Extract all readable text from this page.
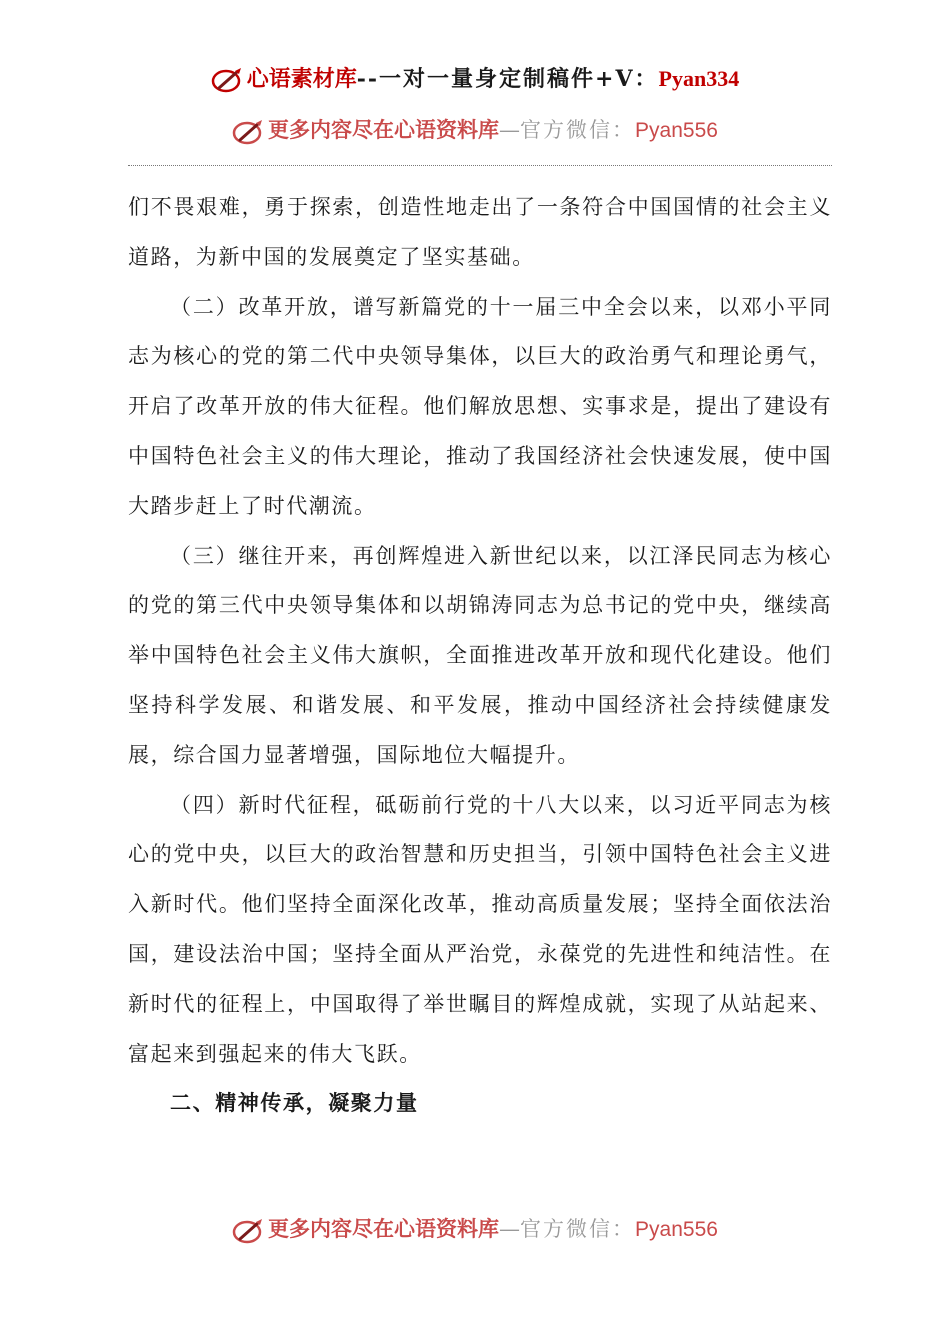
心语素材库--一对一量身定制稿件+V：Pyan334
更多内容尽在心语资料库—官方微信：Pyan556

们不畏艰难，勇于探索，创造性地走出了一条符合中国国情的社会主义道路，为新中国的发展奠定了坚实基础。

（二）改革开放，谱写新篇党的十一届三中全会以来，以邓小平同志为核心的党的第二代中央领导集体，以巨大的政治勇气和理论勇气，开启了改革开放的伟大征程。他们解放思想、实事求是，提出了建设有中国特色社会主义的伟大理论，推动了我国经济社会快速发展，使中国大踏步赶上了时代潮流。

（三）继往开来，再创辉煌进入新世纪以来，以江泽民同志为核心的党的第三代中央领导集体和以胡锦涛同志为总书记的党中央，继续高举中国特色社会主义伟大旗帜，全面推进改革开放和现代化建设。他们坚持科学发展、和谐发展、和平发展，推动中国经济社会持续健康发展，综合国力显著增强，国际地位大幅提升。

（四）新时代征程，砥砺前行党的十八大以来，以习近平同志为核心的党中央，以巨大的政治智慧和历史担当，引领中国特色社会主义进入新时代。他们坚持全面深化改革，推动高质量发展；坚持全面依法治国，建设法治中国；坚持全面从严治党，永葆党的先进性和纯洁性。在新时代的征程上，中国取得了举世瞩目的辉煌成就，实现了从站起来、富起来到强起来的伟大飞跃。

二、精神传承，凝聚力量
更多内容尽在心语资料库—官方微信：Pyan556
